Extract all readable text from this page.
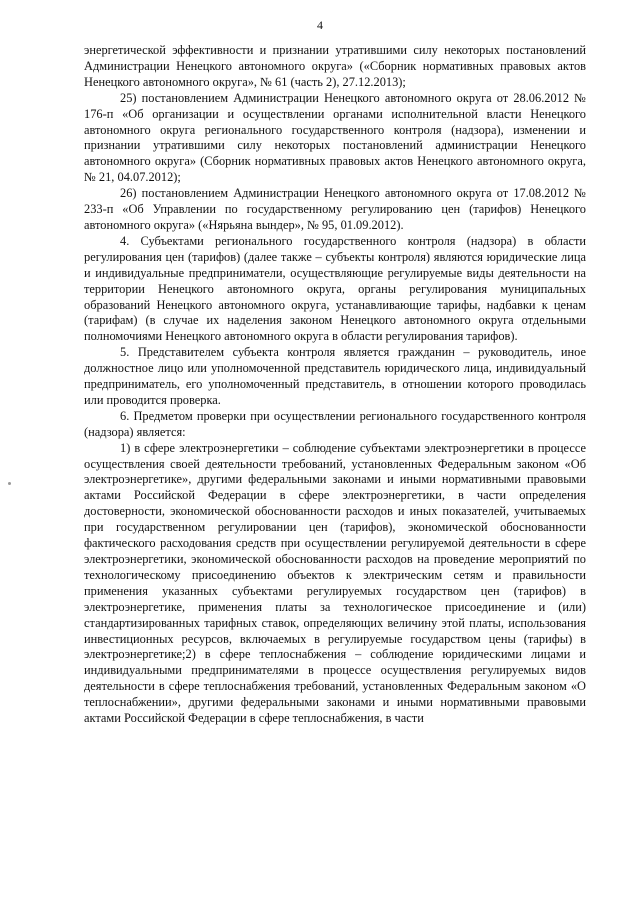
4

энергетической эффективности и признании утратившими силу некоторых постановлений Администрации Ненецкого автономного округа» («Сборник нормативных правовых актов Ненецкого автономного округа», № 61 (часть 2), 27.12.2013);

25) постановлением Администрации Ненецкого автономного округа от 28.06.2012 № 176-п «Об организации и осуществлении органами исполнительной власти Ненецкого автономного округа регионального государственного контроля (надзора), изменении и признании утратившими силу некоторых постановлений администрации Ненецкого автономного округа» (Сборник нормативных правовых актов Ненецкого автономного округа, № 21, 04.07.2012);

26) постановлением Администрации Ненецкого автономного округа от 17.08.2012 № 233-п «Об Управлении по государственному регулированию цен (тарифов) Ненецкого автономного округа» («Нярьяна вындер», № 95, 01.09.2012).

4. Субъектами регионального государственного контроля (надзора) в области регулирования цен (тарифов) (далее также – субъекты контроля) являются юридические лица и индивидуальные предприниматели, осуществляющие регулируемые виды деятельности на территории Ненецкого автономного округа, органы регулирования муниципальных образований Ненецкого автономного округа, устанавливающие тарифы, надбавки к ценам (тарифам) (в случае их наделения законом Ненецкого автономного округа отдельными полномочиями Ненецкого автономного округа в области регулирования тарифов).

5. Представителем субъекта контроля является гражданин – руководитель, иное должностное лицо или уполномоченной представитель юридического лица, индивидуальный предприниматель, его уполномоченный представитель, в отношении которого проводилась или проводится проверка.

6. Предметом проверки при осуществлении регионального государственного контроля (надзора) является:

1) в сфере электроэнергетики – соблюдение субъектами электроэнергетики в процессе осуществления своей деятельности требований, установленных Федеральным законом «Об электроэнергетике», другими федеральными законами и иными нормативными правовыми актами Российской Федерации в сфере электроэнергетики, в части определения достоверности, экономической обоснованности расходов и иных показателей, учитываемых при государственном регулировании цен (тарифов), экономической обоснованности фактического расходования средств при осуществлении регулируемой деятельности в сфере электроэнергетики, экономической обоснованности расходов на проведение мероприятий по технологическому присоединению объектов к электрическим сетям и правильности применения указанных субъектами регулируемых государством цен (тарифов) в электроэнергетике, применения платы за технологическое присоединение и (или) стандартизированных тарифных ставок, определяющих величину этой платы, использования инвестиционных ресурсов, включаемых в регулируемые государством цены (тарифы) в электроэнергетике;2) в сфере теплоснабжения – соблюдение юридическими лицами и индивидуальными предпринимателями в процессе осуществления регулируемых видов деятельности в сфере теплоснабжения требований, установленных Федеральным законом «О теплоснабжении», другими федеральными законами и иными нормативными правовыми актами Российской Федерации в сфере теплоснабжения, в части
